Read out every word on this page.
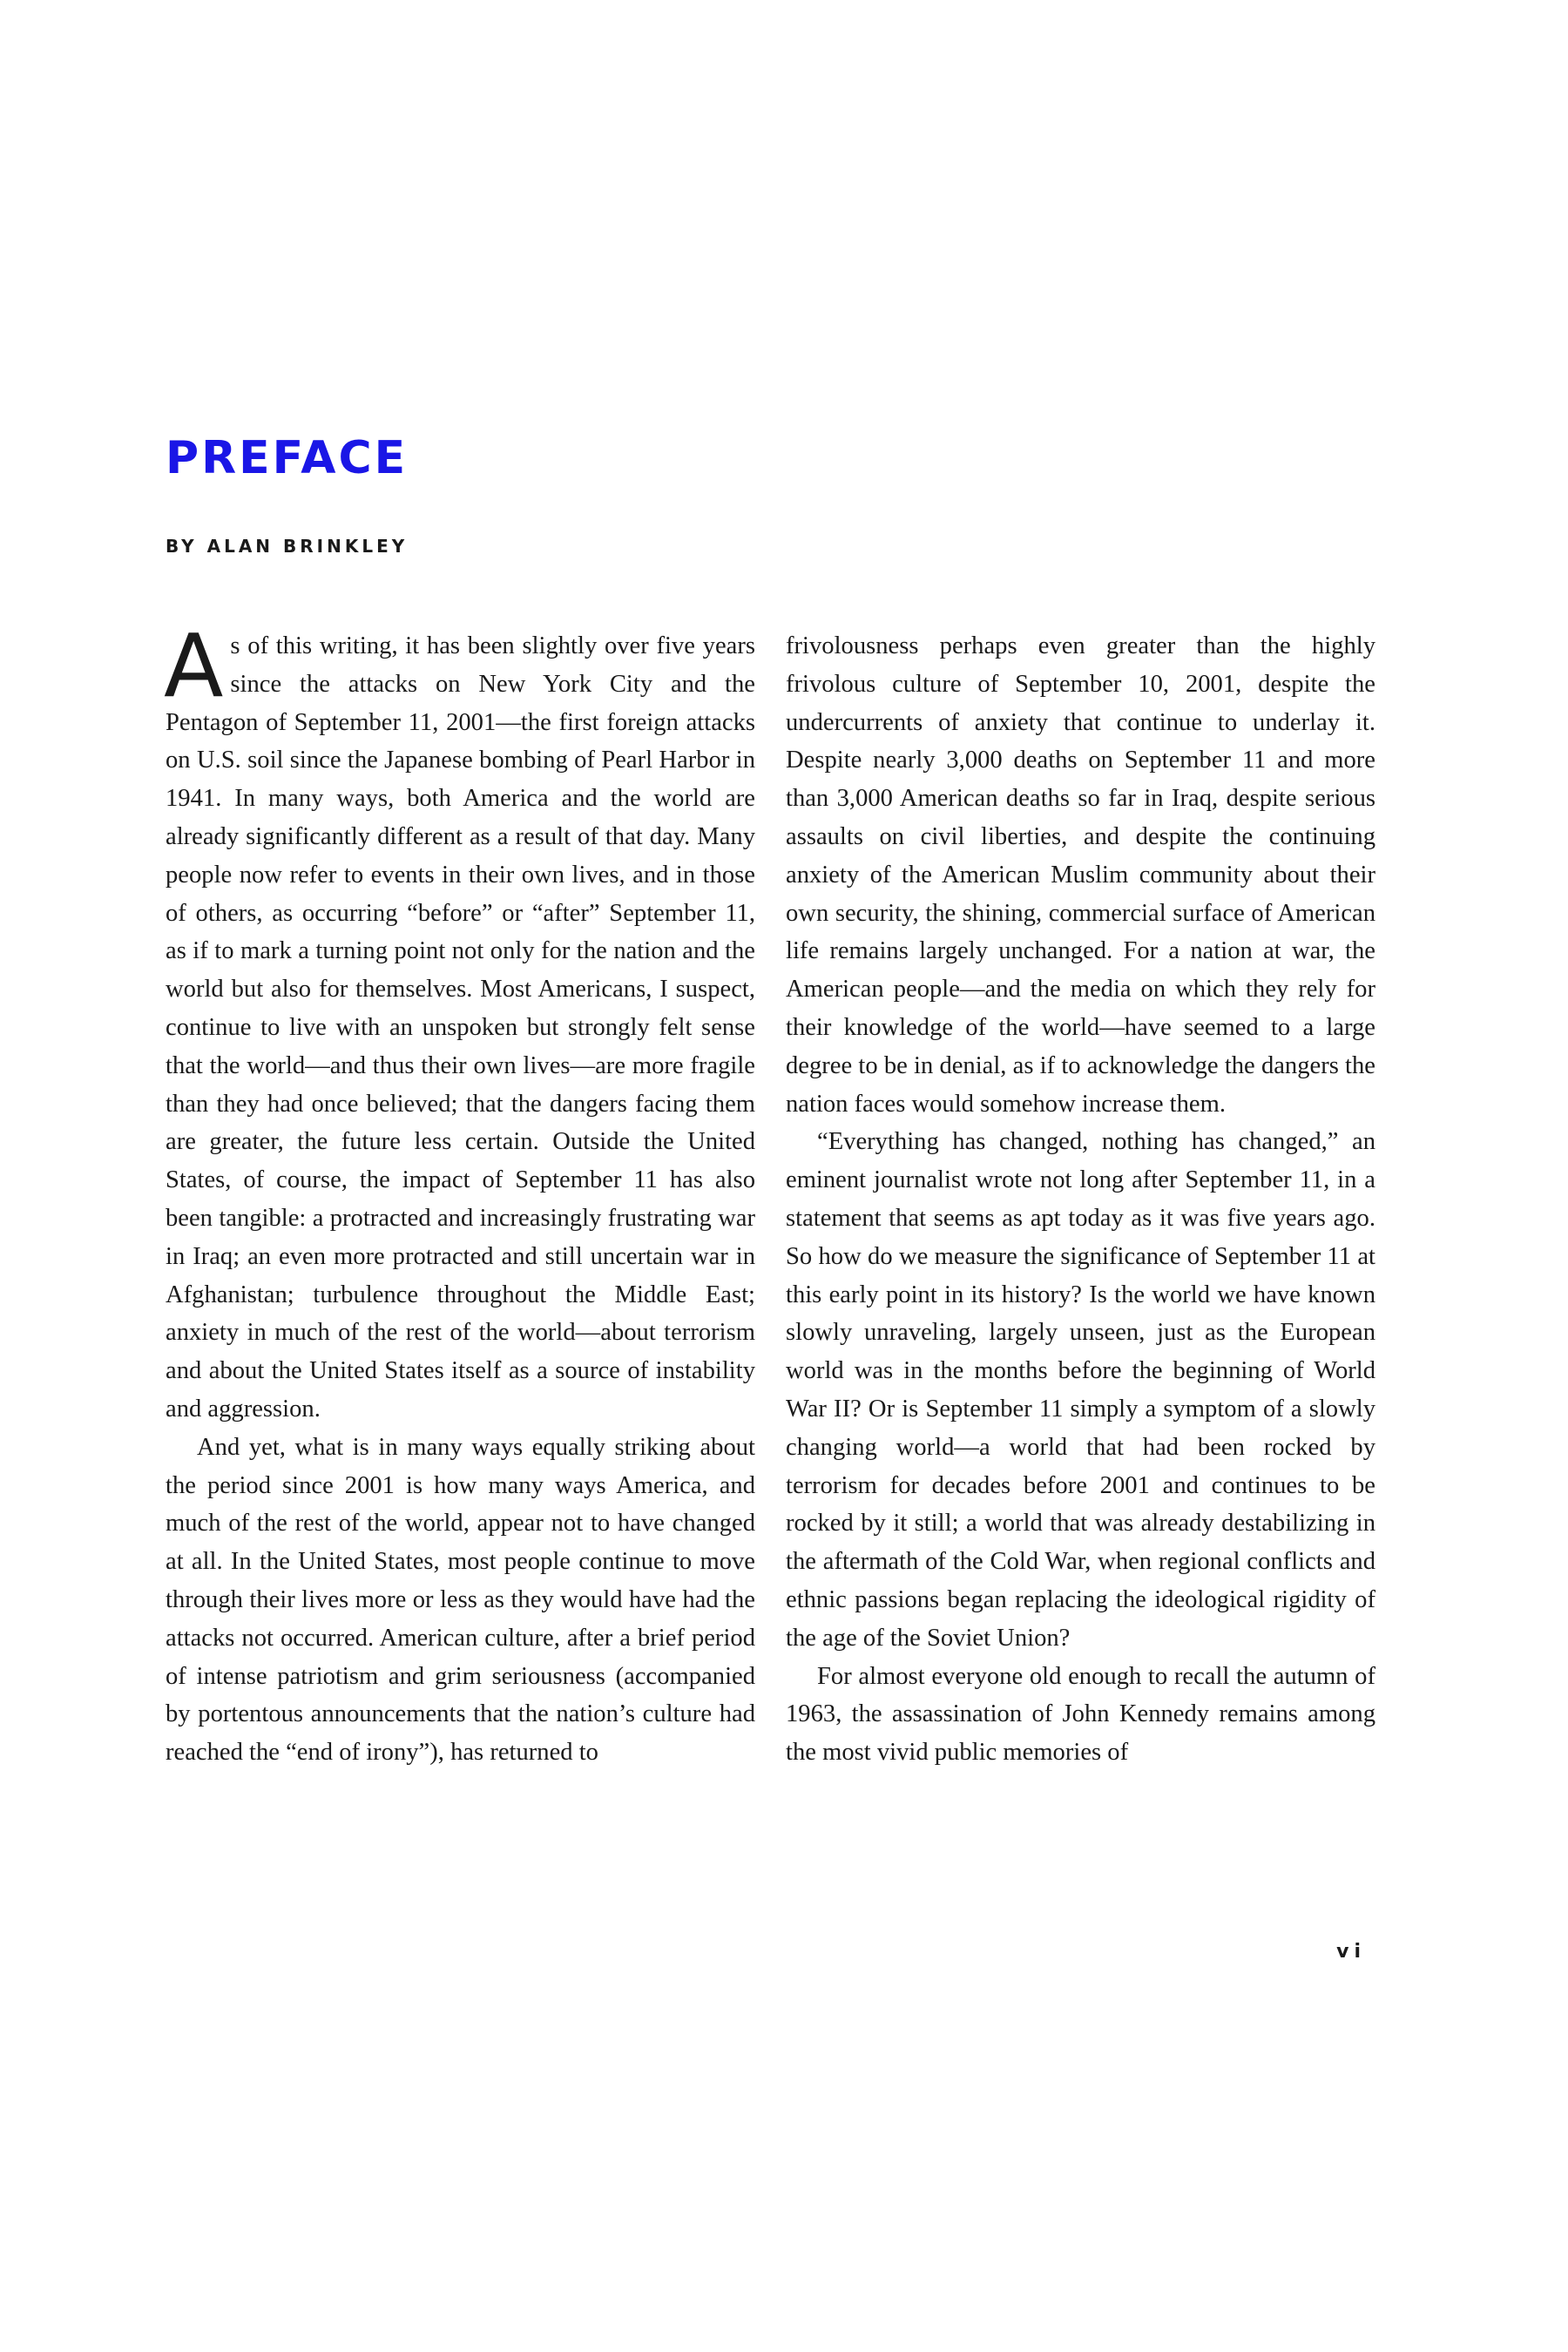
PREFACE
BY ALAN BRINKLEY

As of this writing, it has been slightly over five years since the attacks on New York City and the Pentagon of September 11, 2001—the first foreign attacks on U.S. soil since the Japanese bombing of Pearl Harbor in 1941. In many ways, both America and the world are already significantly different as a result of that day. Many people now refer to events in their own lives, and in those of others, as occurring “before” or “after” September 11, as if to mark a turning point not only for the nation and the world but also for themselves. Most Americans, I suspect, continue to live with an unspoken but strongly felt sense that the world—and thus their own lives—are more fragile than they had once believed; that the dangers facing them are greater, the future less certain. Outside the United States, of course, the impact of September 11 has also been tangible: a protracted and increasingly frustrating war in Iraq; an even more protracted and still uncertain war in Afghanistan; turbulence throughout the Middle East; anxiety in much of the rest of the world—about terrorism and about the United States itself as a source of instability and aggression.

And yet, what is in many ways equally striking about the period since 2001 is how many ways America, and much of the rest of the world, appear not to have changed at all. In the United States, most people continue to move through their lives more or less as they would have had the attacks not occurred. American culture, after a brief period of intense patriotism and grim seriousness (accompanied by portentous announcements that the nation’s culture had reached the “end of irony”), has returned to

frivolousness perhaps even greater than the highly frivolous culture of September 10, 2001, despite the undercurrents of anxiety that continue to underlay it. Despite nearly 3,000 deaths on September 11 and more than 3,000 American deaths so far in Iraq, despite serious assaults on civil liberties, and despite the continuing anxiety of the American Muslim community about their own security, the shining, commercial surface of American life remains largely unchanged. For a nation at war, the American people—and the media on which they rely for their knowledge of the world—have seemed to a large degree to be in denial, as if to acknowledge the dangers the nation faces would somehow increase them.

“Everything has changed, nothing has changed,” an eminent journalist wrote not long after September 11, in a statement that seems as apt today as it was five years ago. So how do we measure the significance of September 11 at this early point in its history? Is the world we have known slowly unraveling, largely unseen, just as the European world was in the months before the beginning of World War II? Or is September 11 simply a symptom of a slowly changing world—a world that had been rocked by terrorism for decades before 2001 and continues to be rocked by it still; a world that was already destabilizing in the aftermath of the Cold War, when regional conflicts and ethnic passions began replacing the ideological rigidity of the age of the Soviet Union?

For almost everyone old enough to recall the autumn of 1963, the assassination of John Kennedy remains among the most vivid public memories of

vi
